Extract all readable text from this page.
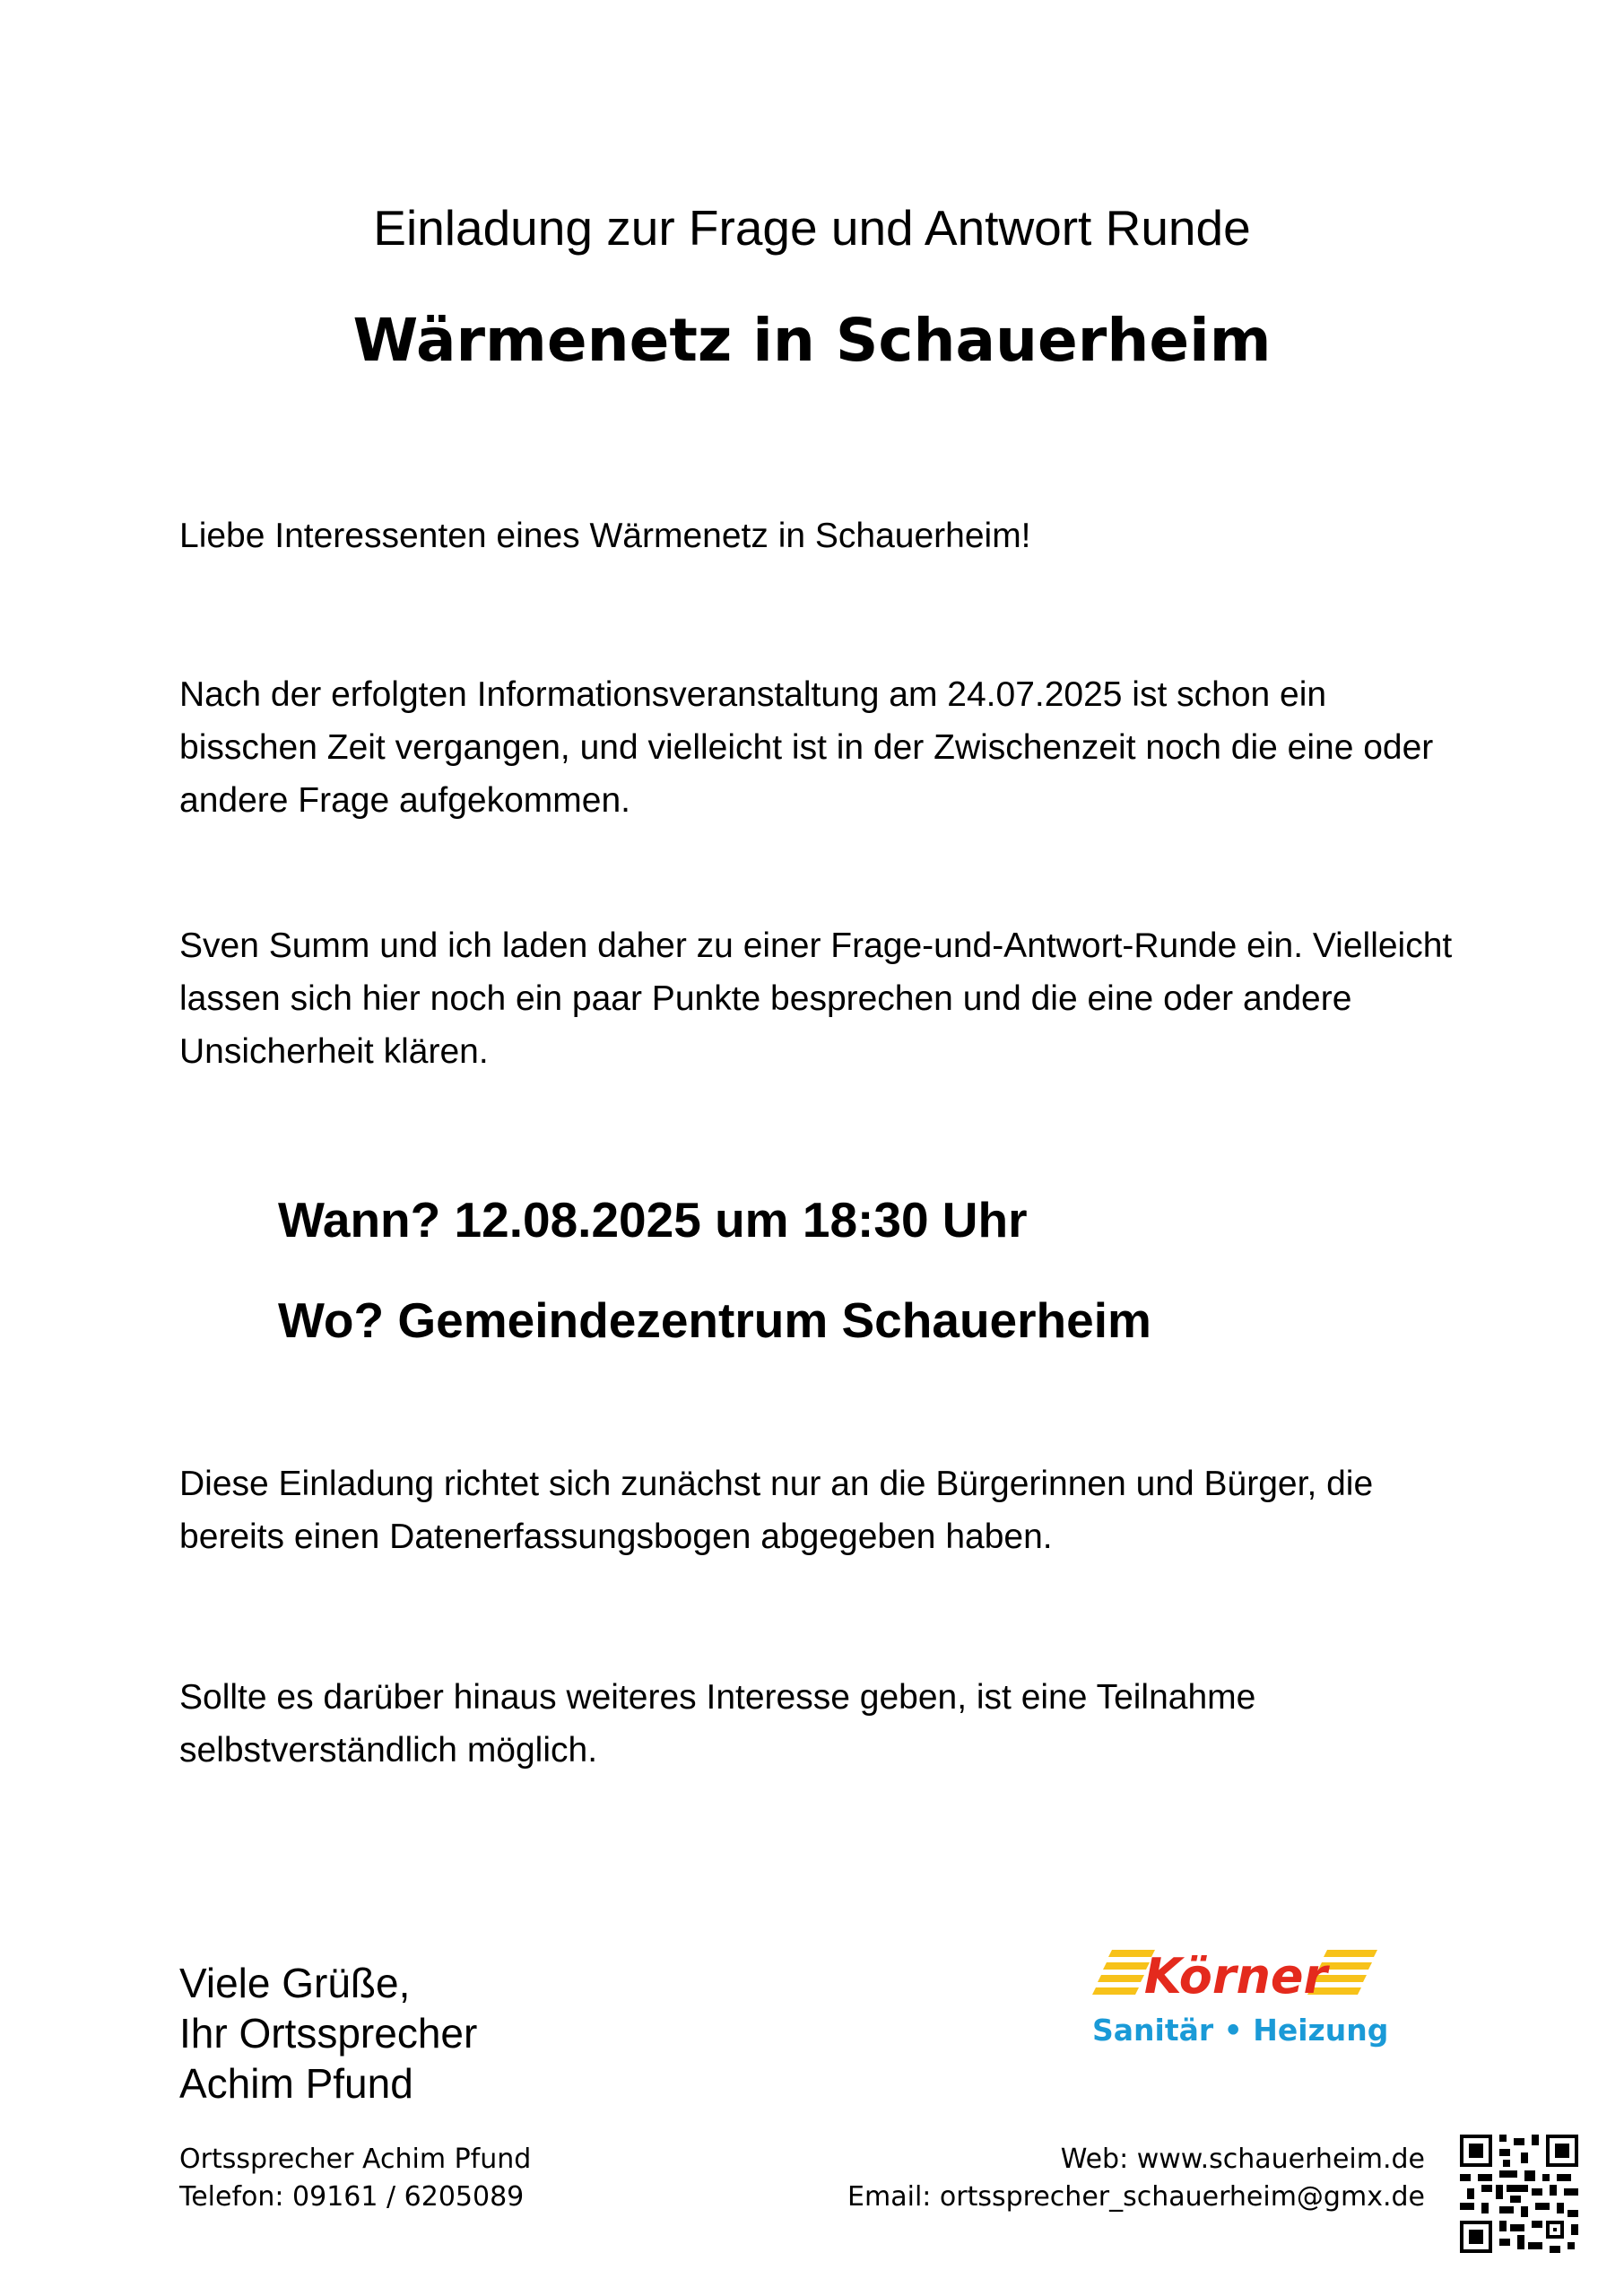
Einladung zur Frage und Antwort Runde
Wärmenetz in Schauerheim
Liebe Interessenten eines Wärmenetz in Schauerheim!
Nach der erfolgten Informationsveranstaltung am 24.07.2025 ist schon ein bisschen Zeit vergangen, und vielleicht ist in der Zwischenzeit noch die eine oder andere Frage aufgekommen.
Sven Summ und ich laden daher zu einer Frage-und-Antwort-Runde ein. Vielleicht lassen sich hier noch ein paar Punkte besprechen und die eine oder andere Unsicherheit klären.
Wann? 12.08.2025 um 18:30 Uhr
Wo? Gemeindezentrum Schauerheim
Diese Einladung richtet sich zunächst nur an die Bürgerinnen und Bürger, die bereits einen Datenerfassungsbogen abgegeben haben.
Sollte es darüber hinaus weiteres Interesse geben, ist eine Teilnahme selbstverständlich möglich.
Viele Grüße,
Ihr Ortssprecher
Achim Pfund
Körner
Sanitär • Heizung
Ortssprecher Achim Pfund
Telefon: 09161 / 6205089
Web: www.schauerheim.de
Email: ortssprecher_schauerheim@gmx.de
